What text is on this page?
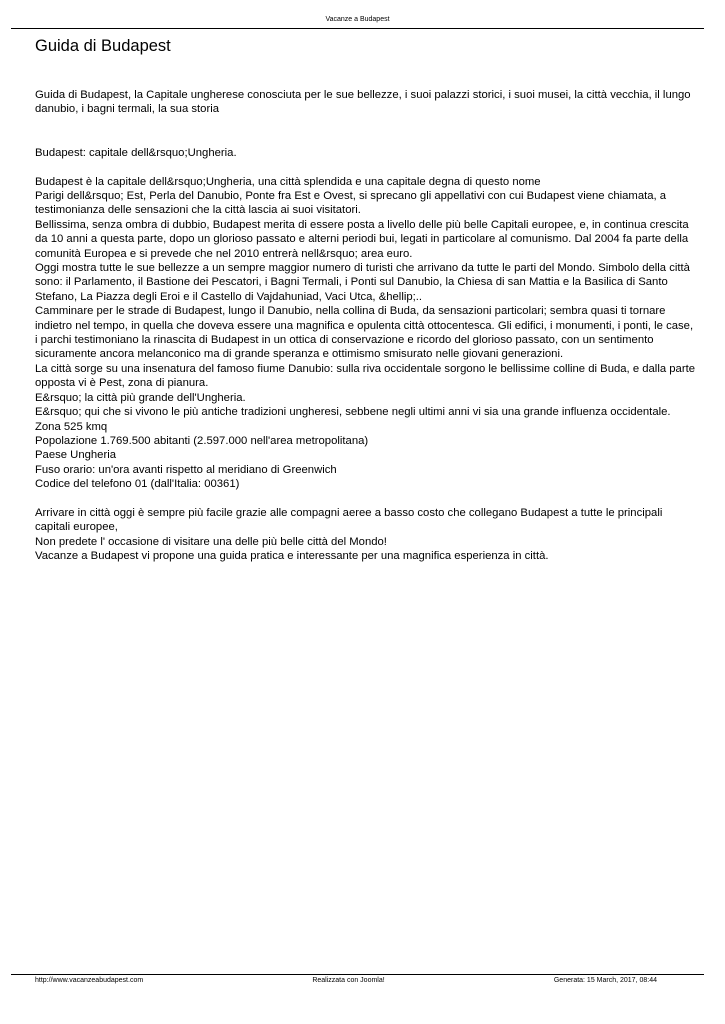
Vacanze a Budapest
Guida di Budapest

Guida di Budapest, la Capitale ungherese conosciuta per le sue bellezze, i suoi palazzi storici, i suoi musei, la città vecchia, il lungo danubio, i bagni termali, la sua storia

Budapest: capitale dell&rsquo;Ungheria.

Budapest è la capitale dell&rsquo;Ungheria, una città splendida e una capitale degna di questo nome

Parigi dell&rsquo; Est, Perla del Danubio, Ponte fra Est e Ovest, si sprecano gli appellativi con cui Budapest viene chiamata, a testimonianza delle sensazioni che la città lascia ai suoi visitatori.

Bellissima, senza ombra di dubbio, Budapest merita di essere posta a livello delle più belle Capitali europee, e, in continua crescita da 10 anni a questa parte, dopo un glorioso passato e alterni periodi bui, legati in particolare al comunismo. Dal 2004 fa parte della comunità Europea e si prevede che nel 2010 entrerà nell&rsquo; area euro.

Oggi mostra tutte le sue bellezze a un sempre maggior numero di turisti che arrivano da tutte le parti del Mondo. Simbolo della città sono: il Parlamento, il Bastione dei Pescatori, i Bagni Termali, i Ponti sul Danubio, la Chiesa di san Mattia e la Basilica di Santo Stefano, La Piazza degli Eroi e il Castello di Vajdahuniad, Vaci Utca, &hellip;..

Camminare per le strade di Budapest, lungo il Danubio, nella collina di Buda, da sensazioni particolari; sembra quasi ti tornare indietro nel tempo, in quella che doveva essere una magnifica e opulenta città ottocentesca. Gli edifici, i monumenti, i ponti, le case, i parchi testimoniano la rinascita di Budapest in un ottica di conservazione e ricordo del glorioso passato, con un sentimento sicuramente ancora melanconico ma di grande speranza e ottimismo smisurato nelle giovani generazioni.

La città sorge su una insenatura del famoso fiume Danubio: sulla riva occidentale sorgono le bellissime colline di Buda, e dalla parte opposta vi è Pest, zona di pianura.

E&rsquo; la città più grande dell'Ungheria.

E&rsquo; qui che si vivono le più antiche tradizioni ungheresi, sebbene negli ultimi anni vi sia una grande influenza occidentale.

Zona 525 kmq

Popolazione 1.769.500 abitanti (2.597.000 nell'area metropolitana)

Paese Ungheria

Fuso orario: un'ora avanti rispetto al meridiano di Greenwich

Codice del telefono 01 (dall'Italia: 00361)

Arrivare in città oggi è sempre più facile grazie alle compagni aeree a basso costo che collegano Budapest a tutte le principali capitali europee,

Non predete l' occasione di visitare una delle più belle città del Mondo!

Vacanze a Budapest vi propone una guida pratica e interessante per una magnifica esperienza in città.

http://www.vacanzeabudapest.com	Realizzata con Joomla!	Generata: 15 March, 2017, 08:44
